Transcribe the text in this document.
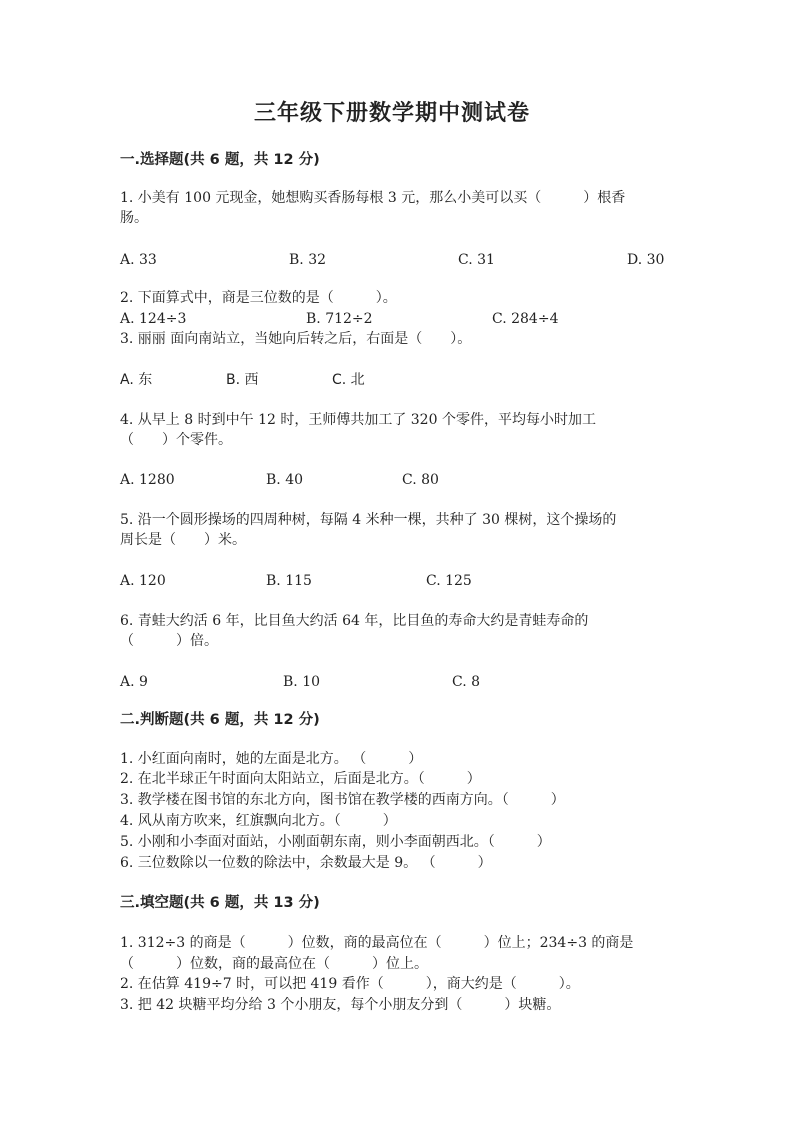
三年级下册数学期中测试卷
一.选择题(共 6 题，共 12 分)
1. 小美有 100 元现金，她想购买香肠每根 3 元，那么小美可以买（　　　）根香
肠。
A. 33	B. 32	C. 31	D. 30
2. 下面算式中，商是三位数的是（　　　）。
A. 124÷3	B. 712÷2	C. 284÷4
3. 丽丽 面向南站立，当她向后转之后，右面是（　　）。
A. 东	B. 西	C. 北
4. 从早上 8 时到中午 12 时，王师傅共加工了 320 个零件，平均每小时加工
（　　）个零件。
A. 1280	B. 40	C. 80
5. 沿一个圆形操场的四周种树，每隔 4 米种一棵，共种了 30 棵树，这个操场的
周长是（　　）米。
A. 120	B. 115	C. 125
6. 青蛙大约活 6 年，比目鱼大约活 64 年，比目鱼的寿命大约是青蛙寿命的
（　　　）倍。
A. 9	B. 10	C. 8
二.判断题(共 6 题，共 12 分)
1. 小红面向南时，她的左面是北方。 （　　　）
2. 在北半球正午时面向太阳站立，后面是北方。（　　　）
3. 教学楼在图书馆的东北方向，图书馆在教学楼的西南方向。（　　　）
4. 风从南方吹来，红旗飘向北方。（　　　）
5. 小刚和小李面对面站，小刚面朝东南，则小李面朝西北。（　　　）
6. 三位数除以一位数的除法中，余数最大是 9。 （　　　）
三.填空题(共 6 题，共 13 分)
1. 312÷3 的商是（　　　）位数，商的最高位在（　　　）位上；234÷3 的商是
（　　　）位数，商的最高位在（　　　）位上。
2. 在估算 419÷7 时，可以把 419 看作（　　　），商大约是（　　　）。
3. 把 42 块糖平均分给 3 个小朋友，每个小朋友分到（　　　）块糖。
